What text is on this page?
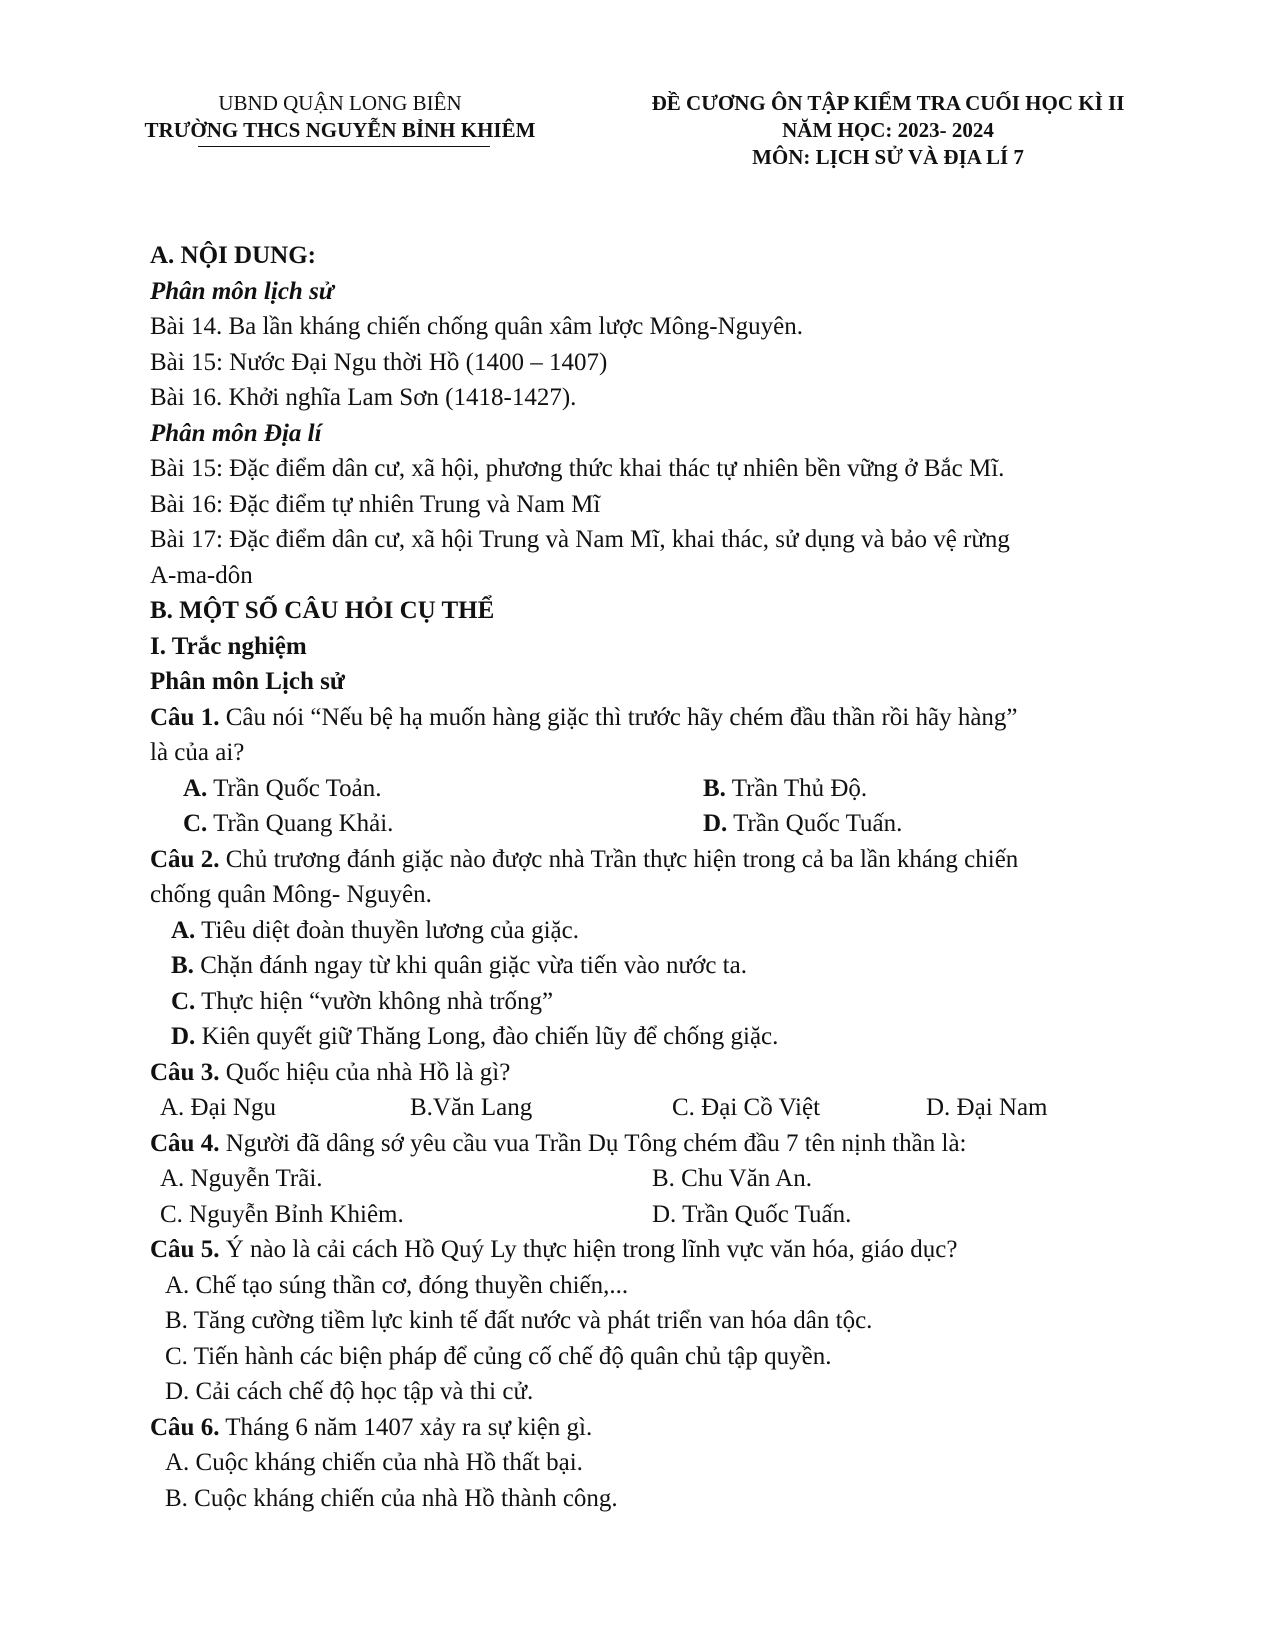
UBND QUẬN LONG BIÊN
TRƯỜNG THCS NGUYỄN BỈNH KHIÊM
ĐỀ CƯƠNG ÔN TẬP KIỂM TRA CUỐI HỌC KÌ II
NĂM HỌC: 2023- 2024
MÔN: LỊCH SỬ VÀ ĐỊA LÍ 7
A. NỘI DUNG:
Phân môn lịch sử
Bài 14. Ba lần kháng chiến chống quân xâm lược Mông-Nguyên.
Bài 15: Nước Đại Ngu thời Hồ (1400 – 1407)
Bài 16. Khởi nghĩa Lam Sơn (1418-1427).
Phân môn Địa lí
Bài 15: Đặc điểm dân cư, xã hội, phương thức khai thác tự nhiên bền vững ở Bắc Mĩ.
Bài 16: Đặc điểm tự nhiên Trung và Nam Mĩ
Bài 17: Đặc điểm dân cư, xã hội Trung và Nam Mĩ, khai thác, sử dụng và bảo vệ rừng
A-ma-dôn
B. MỘT SỐ CÂU HỎI CỤ THỂ
I. Trắc nghiệm
Phân môn Lịch sử
Câu 1. Câu nói “Nếu bệ hạ muốn hàng giặc thì trước hãy chém đầu thần rồi hãy hàng”
là của ai?
A. Trần Quốc Toản.	B. Trần Thủ Độ.
C. Trần Quang Khải.	D. Trần Quốc Tuấn.
Câu 2. Chủ trương đánh giặc nào được nhà Trần thực hiện trong cả ba lần kháng chiến
chống quân Mông- Nguyên.
A. Tiêu diệt đoàn thuyền lương của giặc.
B. Chặn đánh ngay từ khi quân giặc vừa tiến vào nước ta.
C. Thực hiện “vườn không nhà trống”
D. Kiên quyết giữ Thăng Long, đào chiến lũy để chống giặc.
Câu 3. Quốc hiệu của nhà Hồ là gì?
A. Đại Ngu	B.Văn Lang	C. Đại Cồ Việt	D. Đại Nam
Câu 4. Người đã dâng sớ yêu cầu vua Trần Dụ Tông chém đầu 7 tên nịnh thần là:
A. Nguyễn Trãi.	B. Chu Văn An.
C. Nguyễn Bỉnh Khiêm.	D. Trần Quốc Tuấn.
Câu 5. Ý nào là cải cách Hồ Quý Ly thực hiện trong lĩnh vực văn hóa, giáo dục?
A. Chế tạo súng thần cơ, đóng thuyền chiến,...
B. Tăng cường tiềm lực kinh tế đất nước và phát triển van hóa dân tộc.
C. Tiến hành các biện pháp để củng cố chế độ quân chủ tập quyền.
D. Cải cách chế độ học tập và thi cử.
Câu 6. Tháng 6 năm 1407 xảy ra sự kiện gì.
A. Cuộc kháng chiến của nhà Hồ thất bại.
B. Cuộc kháng chiến của nhà Hồ thành công.
